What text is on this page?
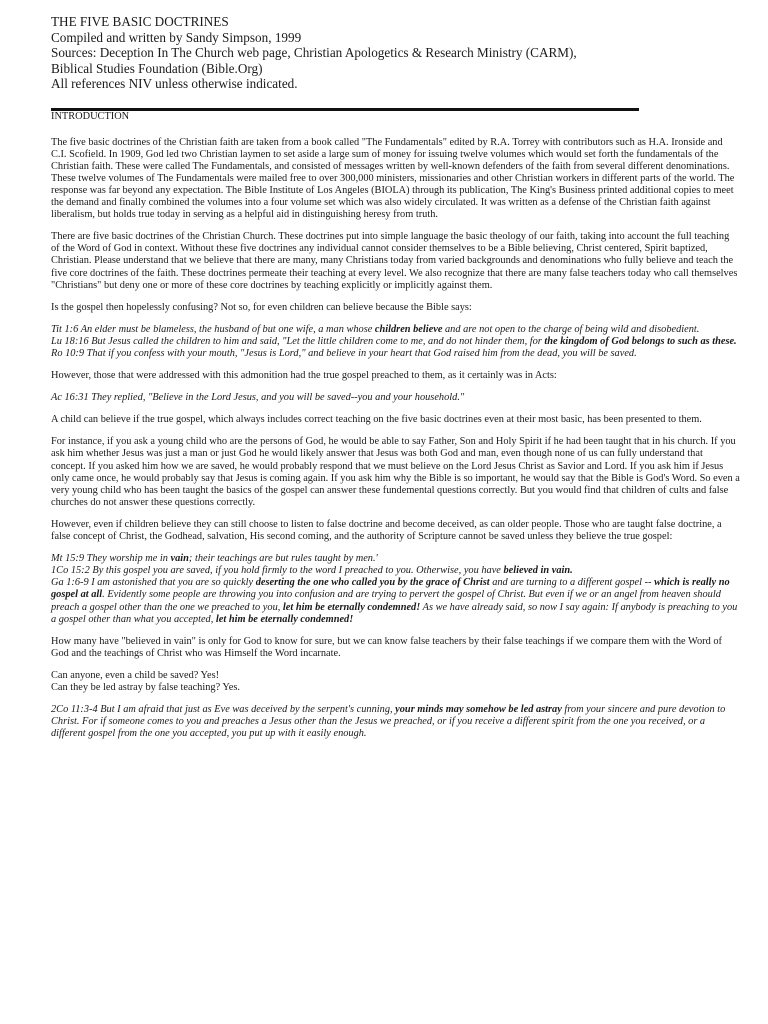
THE FIVE BASIC DOCTRINES
Compiled and written by Sandy Simpson, 1999
Sources: Deception In The Church web page, Christian Apologetics & Research Ministry (CARM),
Biblical Studies Foundation (Bible.Org)
All references NIV unless otherwise indicated.

INTRODUCTION

The five basic doctrines of the Christian faith are taken from a book called "The Fundamentals" edited by R.A. Torrey with contributors such as H.A. Ironside and C.I. Scofield. In 1909, God led two Christian laymen to set aside a large sum of money for issuing twelve volumes which would set forth the fundamentals of the Christian faith. These were called The Fundamentals, and consisted of messages written by well-known defenders of the faith from several different denominations. These twelve volumes of The Fundamentals were mailed free to over 300,000 ministers, missionaries and other Christian workers in different parts of the world. The response was far beyond any expectation. The Bible Institute of Los Angeles (BIOLA) through its publication, The King's Business printed additional copies to meet the demand and finally combined the volumes into a four volume set which was also widely circulated. It was written as a defense of the Christian faith against liberalism, but holds true today in serving as a helpful aid in distinguishing heresy from truth.

There are five basic doctrines of the Christian Church. These doctrines put into simple language the basic theology of our faith, taking into account the full teaching of the Word of God in context. Without these five doctrines any individual cannot consider themselves to be a Bible believing, Christ centered, Spirit baptized, Christian. Please understand that we believe that there are many, many Christians today from varied backgrounds and denominations who fully believe and teach the five core doctrines of the faith. These doctrines permeate their teaching at every level. We also recognize that there are many false teachers today who call themselves "Christians" but deny one or more of these core doctrines by teaching explicitly or implicitly against them.

Is the gospel then hopelessly confusing? Not so, for even children can believe because the Bible says:

Tit 1:6 An elder must be blameless, the husband of but one wife, a man whose children believe and are not open to the charge of being wild and disobedient.

Lu 18:16 But Jesus called the children to him and said, "Let the little children come to me, and do not hinder them, for the kingdom of God belongs to such as these.

Ro 10:9 That if you confess with your mouth, "Jesus is Lord," and believe in your heart that God raised him from the dead, you will be saved.

However, those that were addressed with this admonition had the true gospel preached to them, as it certainly was in Acts:

Ac 16:31 They replied, "Believe in the Lord Jesus, and you will be saved--you and your household."

A child can believe if the true gospel, which always includes correct teaching on the five basic doctrines even at their most basic, has been presented to them.

For instance, if you ask a young child who are the persons of God, he would be able to say Father, Son and Holy Spirit if he had been taught that in his church. If you ask him whether Jesus was just a man or just God he would likely answer that Jesus was both God and man, even though none of us can fully understand that concept. If you asked him how we are saved, he would probably respond that we must believe on the Lord Jesus Christ as Savior and Lord. If you ask him if Jesus only came once, he would probably say that Jesus is coming again. If you ask him why the Bible is so important, he would say that the Bible is God's Word. So even a very young child who has been taught the basics of the gospel can answer these fundemental questions correctly. But you would find that children of cults and false churches do not answer these questions correctly.

However, even if children believe they can still choose to listen to false doctrine and become deceived, as can older people. Those who are taught false doctrine, a false concept of Christ, the Godhead, salvation, His second coming, and the authority of Scripture cannot be saved unless they believe the true gospel:

Mt 15:9 They worship me in vain; their teachings are but rules taught by men.'

1Co 15:2 By this gospel you are saved, if you hold firmly to the word I preached to you. Otherwise, you have believed in vain.

Ga 1:6-9 I am astonished that you are so quickly deserting the one who called you by the grace of Christ and are turning to a different gospel -- which is really no gospel at all. Evidently some people are throwing you into confusion and are trying to pervert the gospel of Christ. But even if we or an angel from heaven should preach a gospel other than the one we preached to you, let him be eternally condemned! As we have already said, so now I say again: If anybody is preaching to you a gospel other than what you accepted, let him be eternally condemned!

How many have "believed in vain" is only for God to know for sure, but we can know false teachers by their false teachings if we compare them with the Word of God and the teachings of Christ who was Himself the Word incarnate.

Can anyone, even a child be saved? Yes!

Can they be led astray by false teaching? Yes.

2Co 11:3-4 But I am afraid that just as Eve was deceived by the serpent's cunning, your minds may somehow be led astray from your sincere and pure devotion to Christ. For if someone comes to you and preaches a Jesus other than the Jesus we preached, or if you receive a different spirit from the one you received, or a different gospel from the one you accepted, you put up with it easily enough.
